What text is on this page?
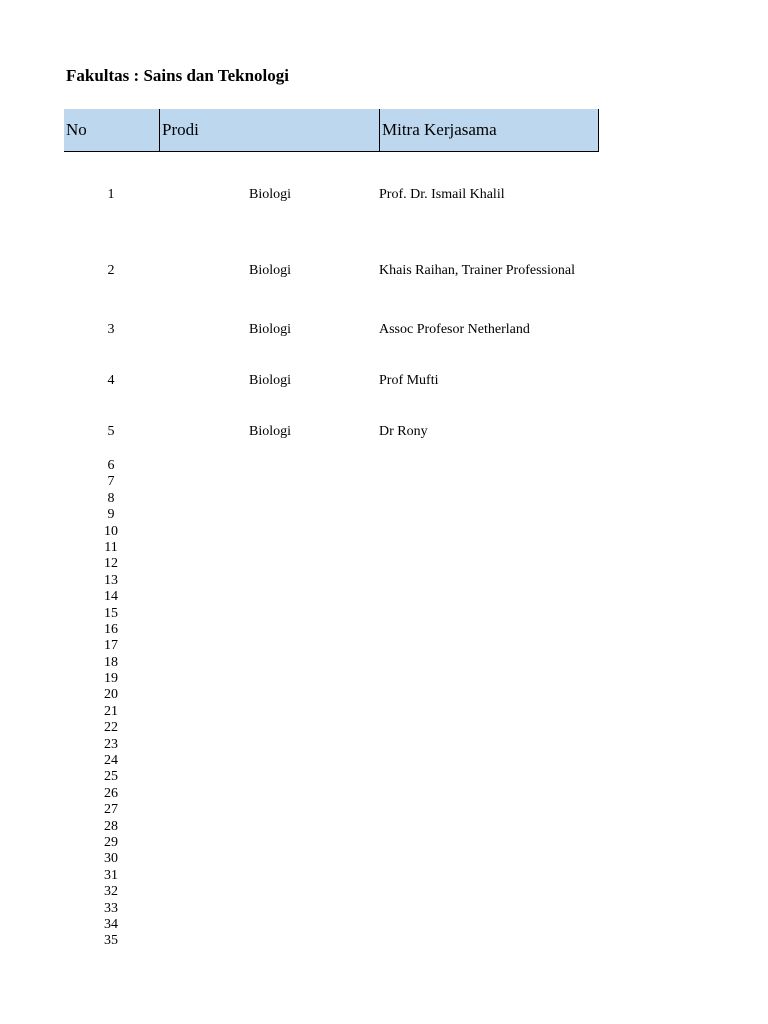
Fakultas : Sains dan Teknologi
No	Prodi	Mitra Kerjasama
1	Biologi	Prof. Dr. Ismail Khalil
2	Biologi	Khais Raihan, Trainer Professional
3	Biologi	Assoc Profesor Netherland
4	Biologi	Prof Mufti
5	Biologi	Dr Rony
6
7
8
9
10
11
12
13
14
15
16
17
18
19
20
21
22
23
24
25
26
27
28
29
30
31
32
33
34
35
